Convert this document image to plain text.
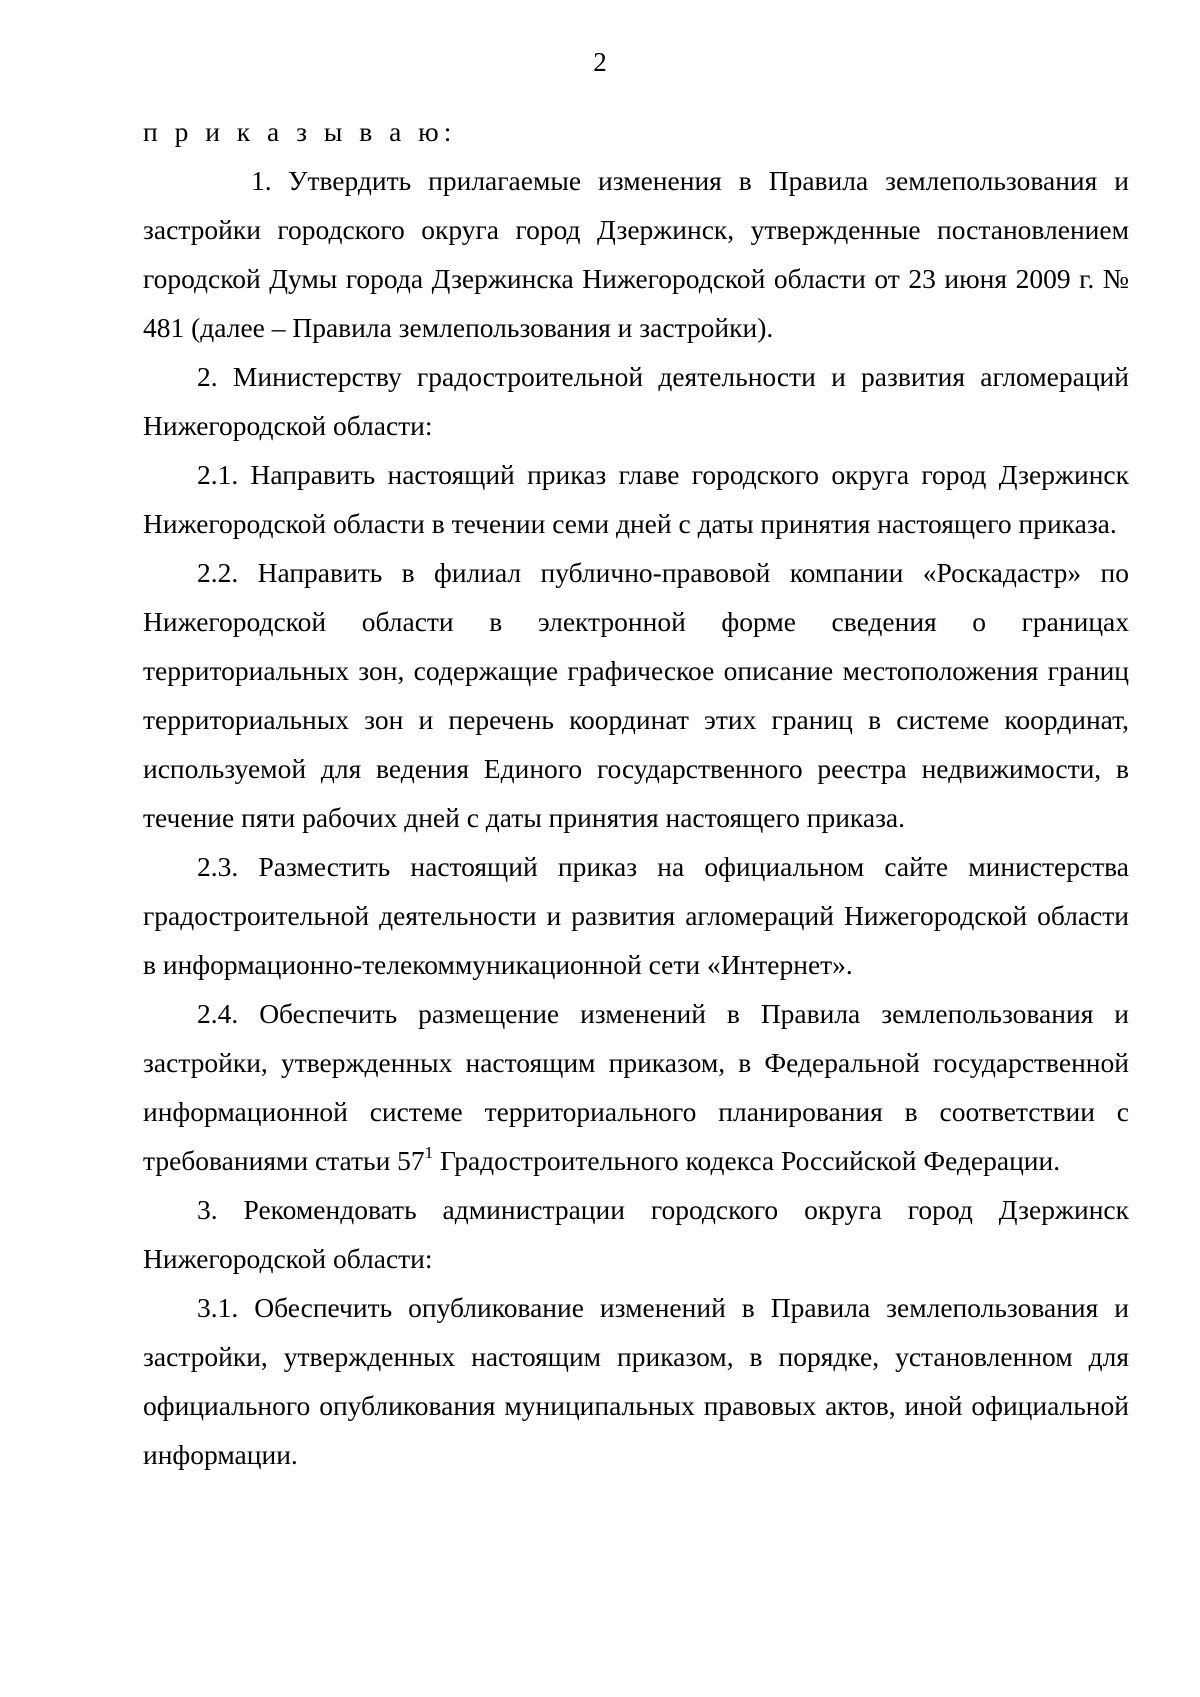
2

п р и к а з ы в а ю:

1. Утвердить прилагаемые изменения в Правила землепользования и застройки городского округа город Дзержинск, утвержденные постановлением городской Думы города Дзержинска Нижегородской области от 23 июня 2009 г. № 481 (далее – Правила землепользования и застройки).

2. Министерству градостроительной деятельности и развития агломераций Нижегородской области:

2.1. Направить настоящий приказ главе городского округа город Дзержинск Нижегородской области в течении семи дней с даты принятия настоящего приказа.

2.2. Направить в филиал публично-правовой компании «Роскадастр» по Нижегородской области в электронной форме сведения о границах территориальных зон, содержащие графическое описание местоположения границ территориальных зон и перечень координат этих границ в системе координат, используемой для ведения Единого государственного реестра недвижимости, в течение пяти рабочих дней с даты принятия настоящего приказа.

2.3. Разместить настоящий приказ на официальном сайте министерства градостроительной деятельности и развития агломераций Нижегородской области в информационно-телекоммуникационной сети «Интернет».

2.4. Обеспечить размещение изменений в Правила землепользования и застройки, утвержденных настоящим приказом, в Федеральной государственной информационной системе территориального планирования в соответствии с требованиями статьи $57^1$ Градостроительного кодекса Российской Федерации.

3. Рекомендовать администрации городского округа город Дзержинск Нижегородской области:

3.1. Обеспечить опубликование изменений в Правила землепользования и застройки, утвержденных настоящим приказом, в порядке, установленном для официального опубликования муниципальных правовых актов, иной официальной информации.
